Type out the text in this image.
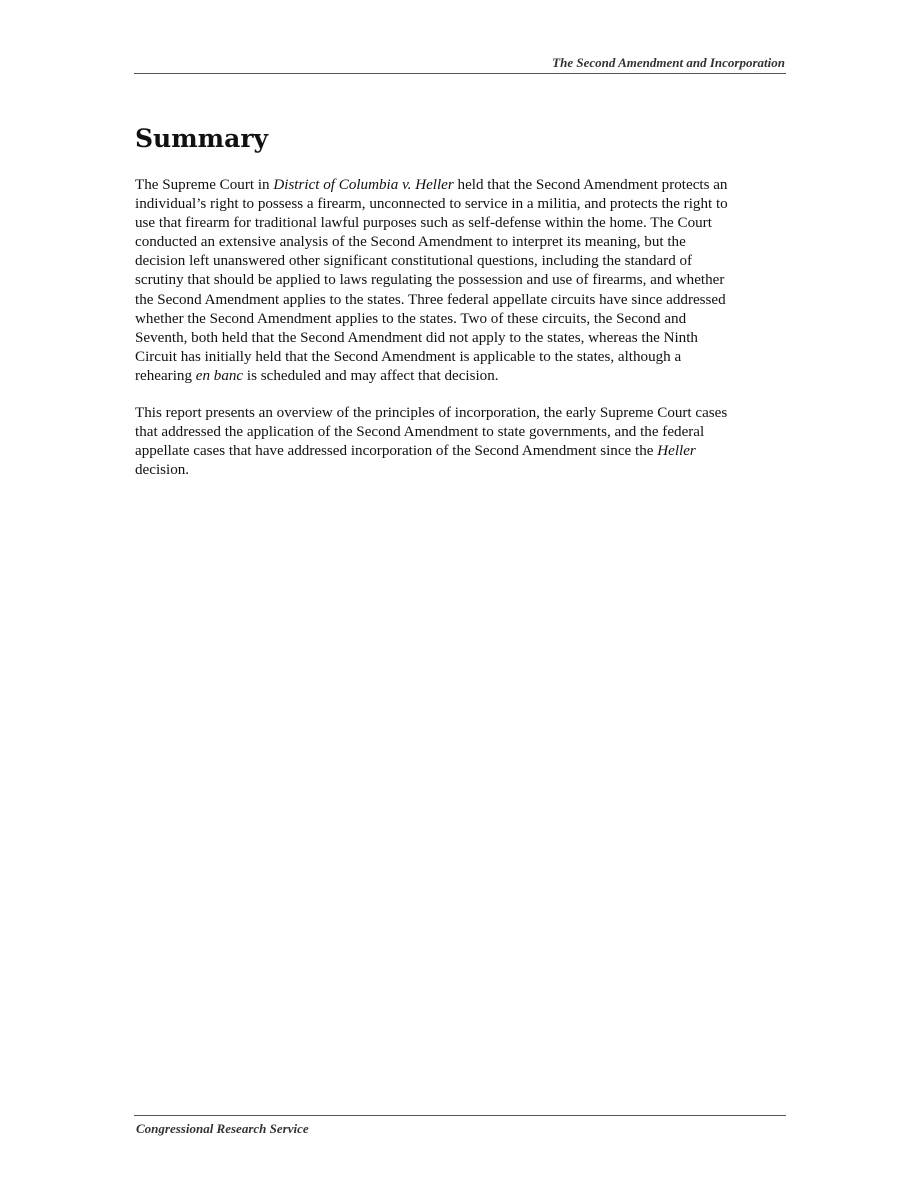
The Second Amendment and Incorporation
Summary

The Supreme Court in District of Columbia v. Heller held that the Second Amendment protects an
individual’s right to possess a firearm, unconnected to service in a militia, and protects the right to
use that firearm for traditional lawful purposes such as self-defense within the home. The Court
conducted an extensive analysis of the Second Amendment to interpret its meaning, but the
decision left unanswered other significant constitutional questions, including the standard of
scrutiny that should be applied to laws regulating the possession and use of firearms, and whether
the Second Amendment applies to the states. Three federal appellate circuits have since addressed
whether the Second Amendment applies to the states. Two of these circuits, the Second and
Seventh, both held that the Second Amendment did not apply to the states, whereas the Ninth
Circuit has initially held that the Second Amendment is applicable to the states, although a
rehearing en banc is scheduled and may affect that decision.

This report presents an overview of the principles of incorporation, the early Supreme Court cases
that addressed the application of the Second Amendment to state governments, and the federal
appellate cases that have addressed incorporation of the Second Amendment since the Heller
decision.

Congressional Research Service
